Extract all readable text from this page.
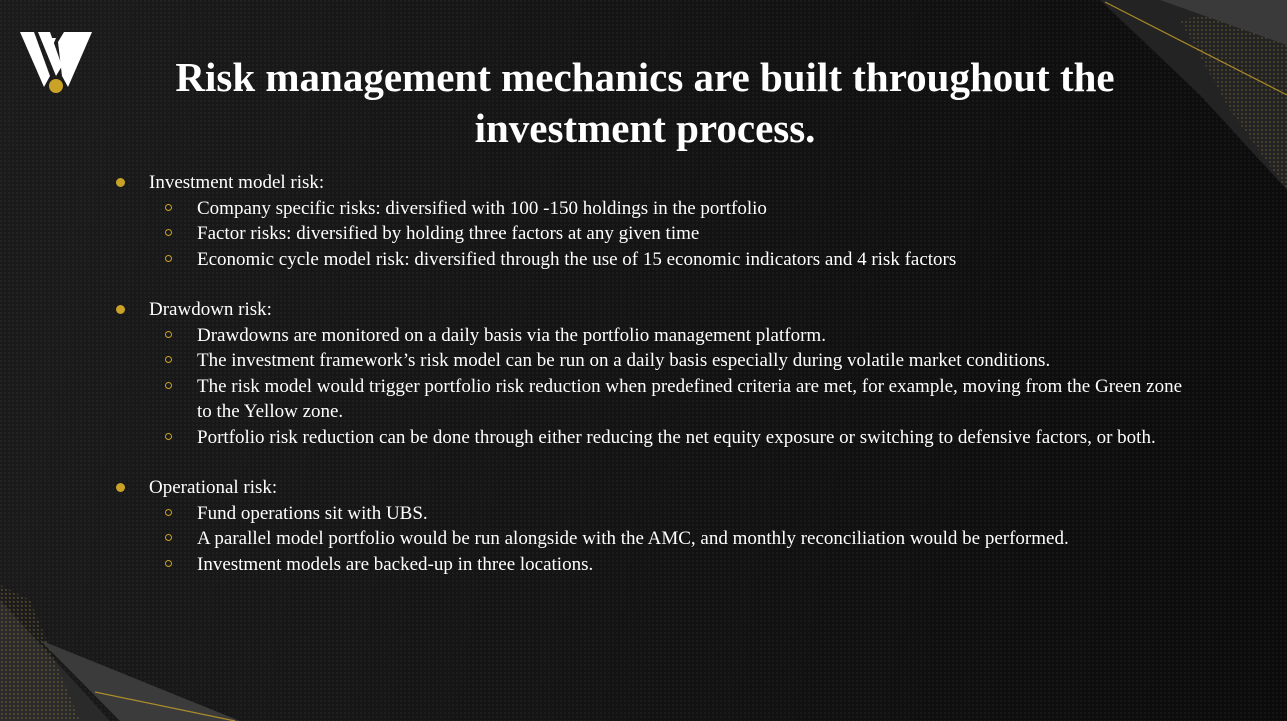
Risk management mechanics are built throughout the investment process.
Investment model risk:
Company specific risks: diversified with 100 -150 holdings in the portfolio
Factor risks: diversified by holding three factors at any given time
Economic cycle model risk: diversified through the use of 15 economic indicators and 4 risk factors
Drawdown risk:
Drawdowns are monitored on a daily basis via the portfolio management platform.
The investment framework’s risk model can be run on a daily basis especially during volatile market conditions.
The risk model would trigger portfolio risk reduction when predefined criteria are met, for example, moving from the Green zone to the Yellow zone.
Portfolio risk reduction can be done through either reducing the net equity exposure or switching to defensive factors, or both.
Operational risk:
Fund operations sit with UBS.
A parallel model portfolio would be run alongside with the AMC, and monthly reconciliation would be performed.
Investment models are backed-up in three locations.
